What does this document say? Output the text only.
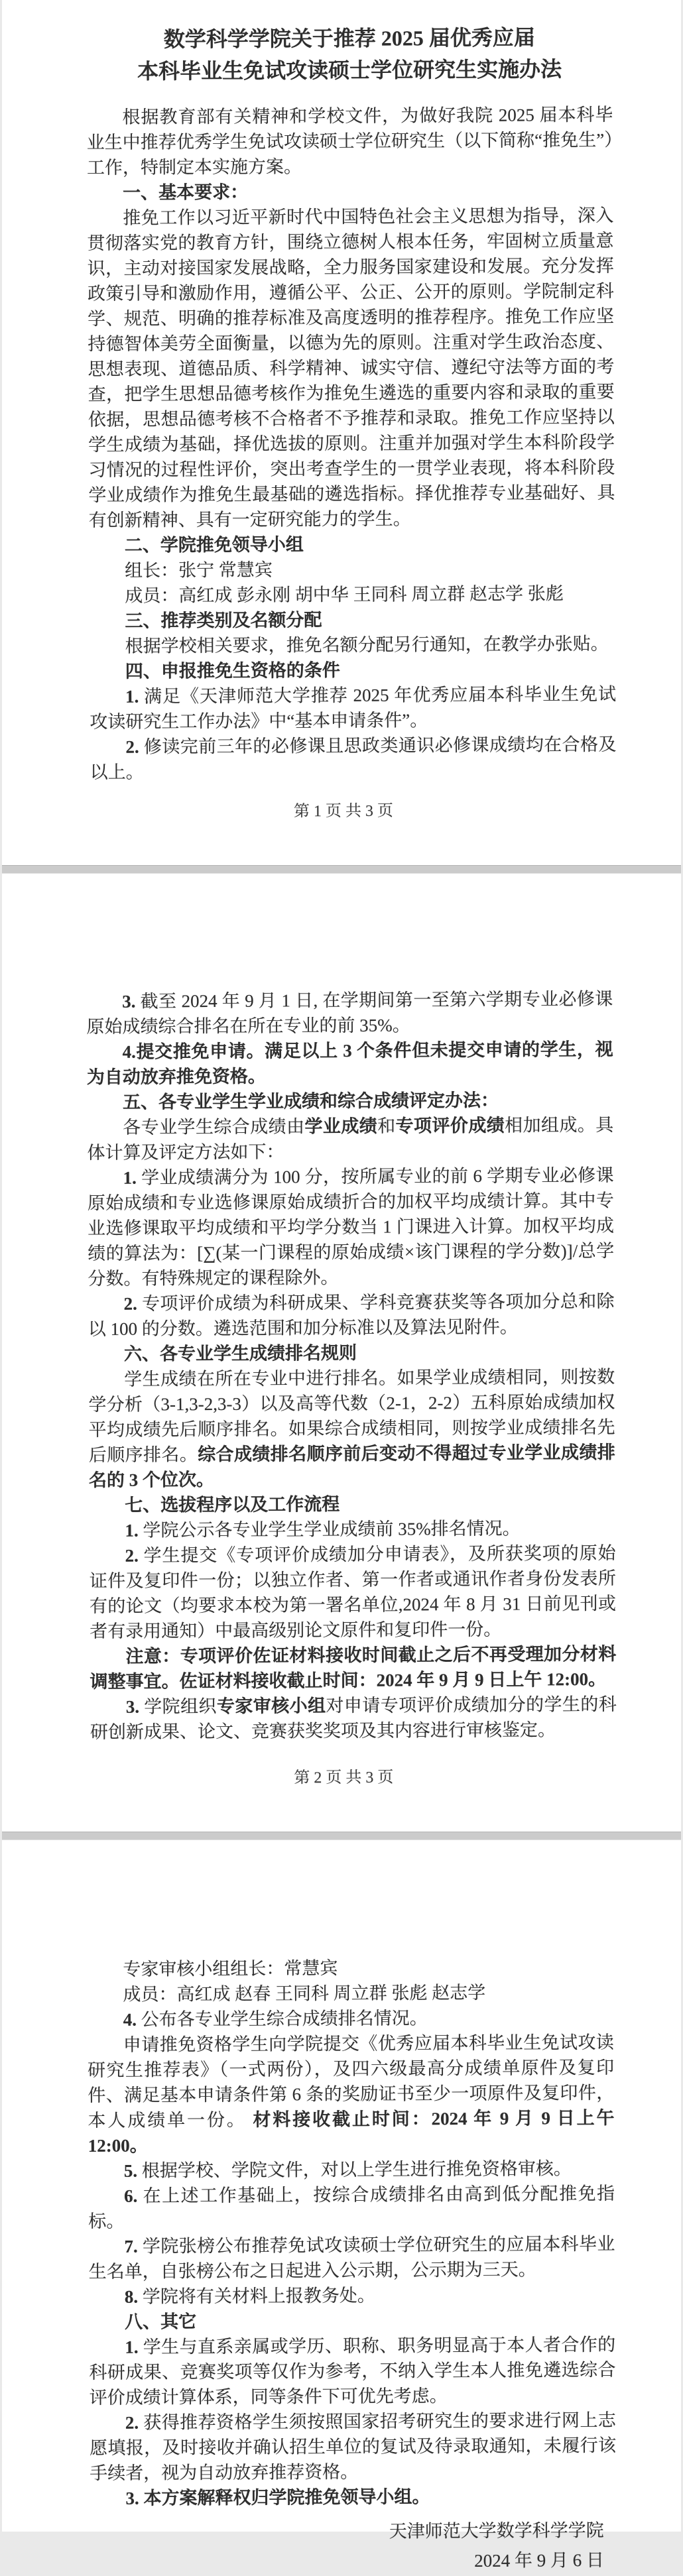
数学科学学院关于推荐 2025 届优秀应届

本科毕业生免试攻读硕士学位研究生实施办法

根据教育部有关精神和学校文件，为做好我院 2025 届本科毕业生中推荐优秀学生免试攻读硕士学位研究生（以下简称“推免生”）工作，特制定本实施方案。

一、基本要求：

推免工作以习近平新时代中国特色社会主义思想为指导，深入贯彻落实党的教育方针，围绕立德树人根本任务，牢固树立质量意识，主动对接国家发展战略，全力服务国家建设和发展。充分发挥政策引导和激励作用，遵循公平、公正、公开的原则。学院制定科学、规范、明确的推荐标准及高度透明的推荐程序。推免工作应坚持德智体美劳全面衡量，以德为先的原则。注重对学生政治态度、思想表现、道德品质、科学精神、诚实守信、遵纪守法等方面的考查，把学生思想品德考核作为推免生遴选的重要内容和录取的重要依据，思想品德考核不合格者不予推荐和录取。推免工作应坚持以学生成绩为基础，择优选拔的原则。注重并加强对学生本科阶段学习情况的过程性评价，突出考查学生的一贯学业表现，将本科阶段学业成绩作为推免生最基础的遴选指标。择优推荐专业基础好、具有创新精神、具有一定研究能力的学生。

二、学院推免领导小组

组长：张宁 常慧宾

成员：高红成 彭永刚 胡中华 王同科 周立群 赵志学 张彪

三、推荐类别及名额分配

根据学校相关要求，推免名额分配另行通知，在教学办张贴。

四、申报推免生资格的条件

1. 满足《天津师范大学推荐 2025 年优秀应届本科毕业生免试攻读研究生工作办法》中“基本申请条件”。

2. 修读完前三年的必修课且思政类通识必修课成绩均在合格及以上。

第 1 页 共 3 页

3. 截至 2024 年 9 月 1 日, 在学期间第一至第六学期专业必修课原始成绩综合排名在所在专业的前 35%。

4.提交推免申请。满足以上 3 个条件但未提交申请的学生，视为自动放弃推免资格。

五、各专业学生学业成绩和综合成绩评定办法：

各专业学生综合成绩由学业成绩和专项评价成绩相加组成。具体计算及评定方法如下：

1. 学业成绩满分为 100 分，按所属专业的前 6 学期专业必修课原始成绩和专业选修课原始成绩折合的加权平均成绩计算。其中专业选修课取平均成绩和平均学分数当 1 门课进入计算。加权平均成绩的算法为：[∑(某一门课程的原始成绩×该门课程的学分数)]/总学分数。有特殊规定的课程除外。

2. 专项评价成绩为科研成果、学科竞赛获奖等各项加分总和除以 100 的分数。遴选范围和加分标准以及算法见附件。

六、各专业学生成绩排名规则

学生成绩在所在专业中进行排名。如果学业成绩相同，则按数学分析（3-1,3-2,3-3）以及高等代数（2-1，2-2）五科原始成绩加权平均成绩先后顺序排名。如果综合成绩相同，则按学业成绩排名先后顺序排名。综合成绩排名顺序前后变动不得超过专业学业成绩排名的 3 个位次。

七、选拔程序以及工作流程

1. 学院公示各专业学生学业成绩前 35%排名情况。

2. 学生提交《专项评价成绩加分申请表》，及所获奖项的原始证件及复印件一份；以独立作者、第一作者或通讯作者身份发表所有的论文（均要求本校为第一署名单位,2024 年 8 月 31 日前见刊或者有录用通知）中最高级别论文原件和复印件一份。

注意：专项评价佐证材料接收时间截止之后不再受理加分材料调整事宜。佐证材料接收截止时间：2024 年 9 月 9 日上午 12:00。

3. 学院组织专家审核小组对申请专项评价成绩加分的学生的科研创新成果、论文、竞赛获奖奖项及其内容进行审核鉴定。

第 2 页 共 3 页

专家审核小组组长：常慧宾

成员：高红成 赵春 王同科 周立群 张彪 赵志学

4. 公布各专业学生综合成绩排名情况。

申请推免资格学生向学院提交《优秀应届本科毕业生免试攻读研究生推荐表》（一式两份），及四六级最高分成绩单原件及复印件、满足基本申请条件第 6 条的奖励证书至少一项原件及复印件，本人成绩单一份。 材料接收截止时间：2024 年 9 月 9 日上午 12:00。

5. 根据学校、学院文件，对以上学生进行推免资格审核。

6. 在上述工作基础上，按综合成绩排名由高到低分配推免指标。

7. 学院张榜公布推荐免试攻读硕士学位研究生的应届本科毕业生名单，自张榜公布之日起进入公示期，公示期为三天。

8. 学院将有关材料上报教务处。

八、其它

1. 学生与直系亲属或学历、职称、职务明显高于本人者合作的科研成果、竞赛奖项等仅作为参考，不纳入学生本人推免遴选综合评价成绩计算体系，同等条件下可优先考虑。

2. 获得推荐资格学生须按照国家招考研究生的要求进行网上志愿填报，及时接收并确认招生单位的复试及待录取通知，未履行该手续者，视为自动放弃推荐资格。

3. 本方案解释权归学院推免领导小组。

天津师范大学数学科学学院

2024 年 9 月 6 日
